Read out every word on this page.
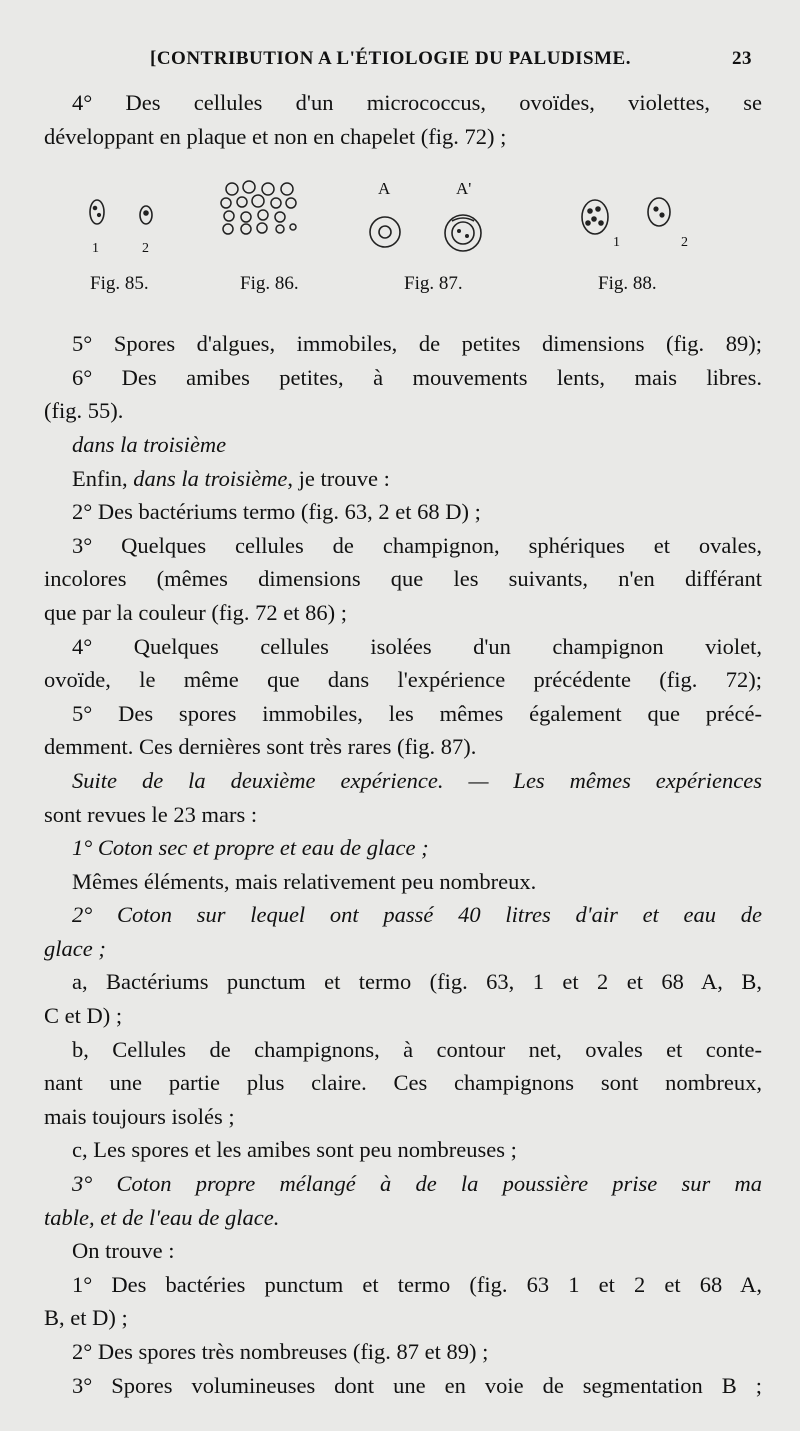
[CONTRIBUTION A L'ÉTIOLOGIE DU PALUDISME.	23
4° Des cellules d'un micrococcus, ovoïdes, violettes, se
développant en plaque et non en chapelet (fig. 72) ;
5° Spores d'algues, immobiles, de petites dimensions (fig. 89);
6° Des amibes petites, à mouvements lents, mais libres.
(fig. 55).
dans la troisième
Enfin, dans la troisième, je trouve :
2° Des bactériums termo (fig. 63, 2 et 68 D) ;
3° Quelques cellules de champignon, sphériques et ovales,
incolores (mêmes dimensions que les suivants, n'en différant
que par la couleur (fig. 72 et 86) ;
4° Quelques cellules isolées d'un champignon violet,
ovoïde, le même que dans l'expérience précédente (fig. 72);
5° Des spores immobiles, les mêmes également que précé-
demment. Ces dernières sont très rares (fig. 87).
Suite de la deuxième expérience. — Les mêmes expériences
sont revues le 23 mars :
1° Coton sec et propre et eau de glace ;
Mêmes éléments, mais relativement peu nombreux.
2° Coton sur lequel ont passé 40 litres d'air et eau de
glace ;
a, Bactériums punctum et termo (fig. 63, 1 et 2 et 68 A, B,
C et D) ;
b, Cellules de champignons, à contour net, ovales et conte-
nant une partie plus claire. Ces champignons sont nombreux,
mais toujours isolés ;
c, Les spores et les amibes sont peu nombreuses ;
3° Coton propre mélangé à de la poussière prise sur ma
table, et de l'eau de glace.
On trouve :
1° Des bactéries punctum et termo (fig. 63 1 et 2 et 68 A,
B, et D) ;
2° Des spores très nombreuses (fig. 87 et 89) ;
3° Spores volumineuses dont une en voie de segmentation B ;
1	2
A	A'
1	2
Fig. 85.	Fig. 86.	Fig. 87.	Fig. 88.
